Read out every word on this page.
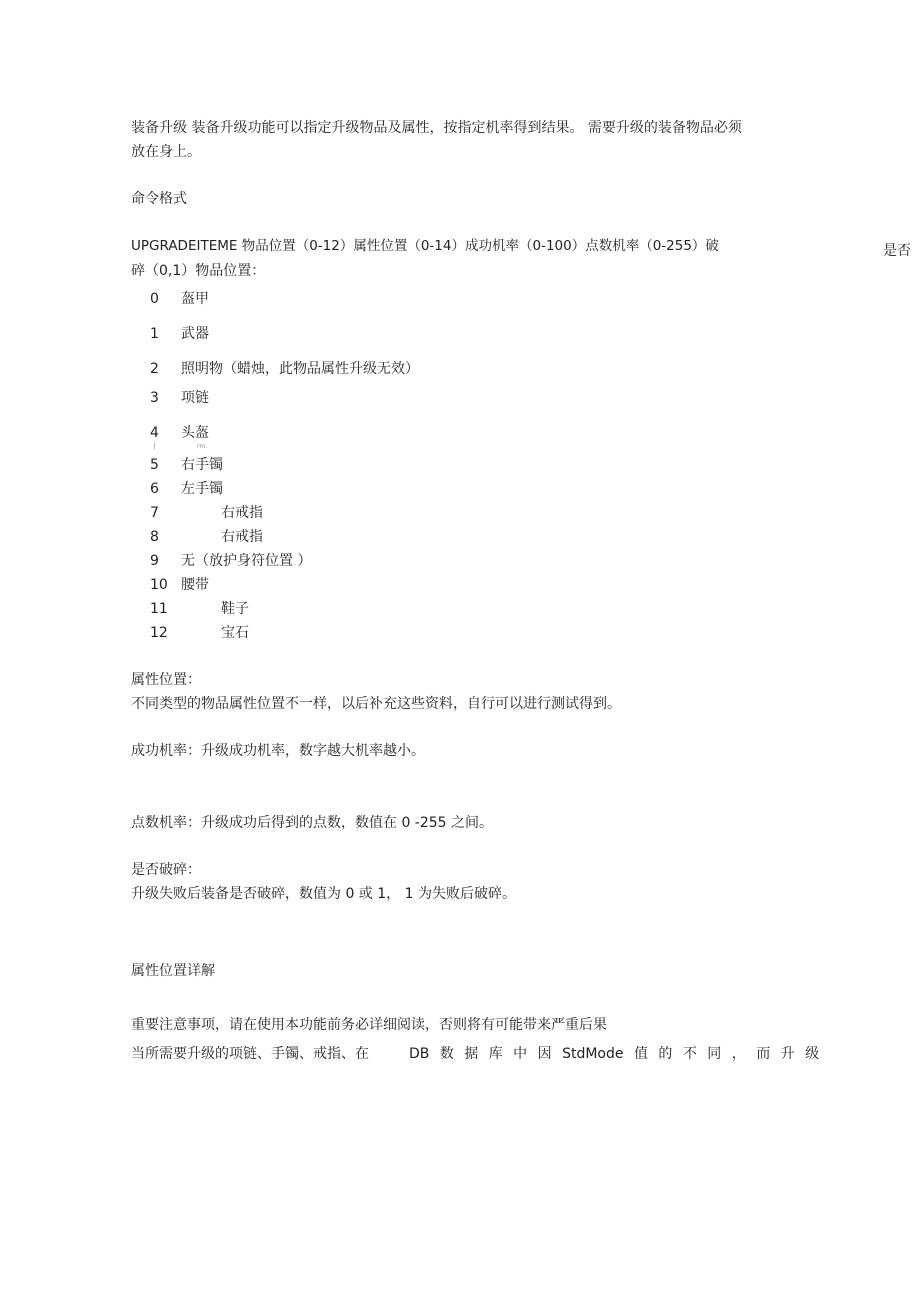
装备升级 装备升级功能可以指定升级物品及属性，按指定机率得到结果。 需要升级的装备物品必须
放在身上。
命令格式
UPGRADEITEME 物品位置（0-12）属性位置（0-14）成功机率（0-100）点数机率（0-255）破	是否
碎（0,1）物品位置：
0 盔甲
1 武器
2 照明物（蜡烛，此物品属性升级无效）
3 项链
4 头盔
rm.
5 右手镯
6 左手镯
7	右戒指
8	右戒指
9 无（放护身符位置 ）
10 腰带
11	鞋子
12	宝石
属性位置：
不同类型的物品属性位置不一样，以后补充这些资料，自行可以进行测试得到。
成功机率：升级成功机率，数字越大机率越小。
点数机率：升级成功后得到的点数，数值在 0 -255 之间。
是否破碎：
升级失败后装备是否破碎，数值为 0 或 1， 1 为失败后破碎。
属性位置详解
重要注意事项，请在使用本功能前务必详细阅读，否则将有可能带来严重后果
当所需要升级的项链、手镯、戒指、在	DB 数 据 库 中 因 StdMode 值 的 不 同 ， 而 升 级
